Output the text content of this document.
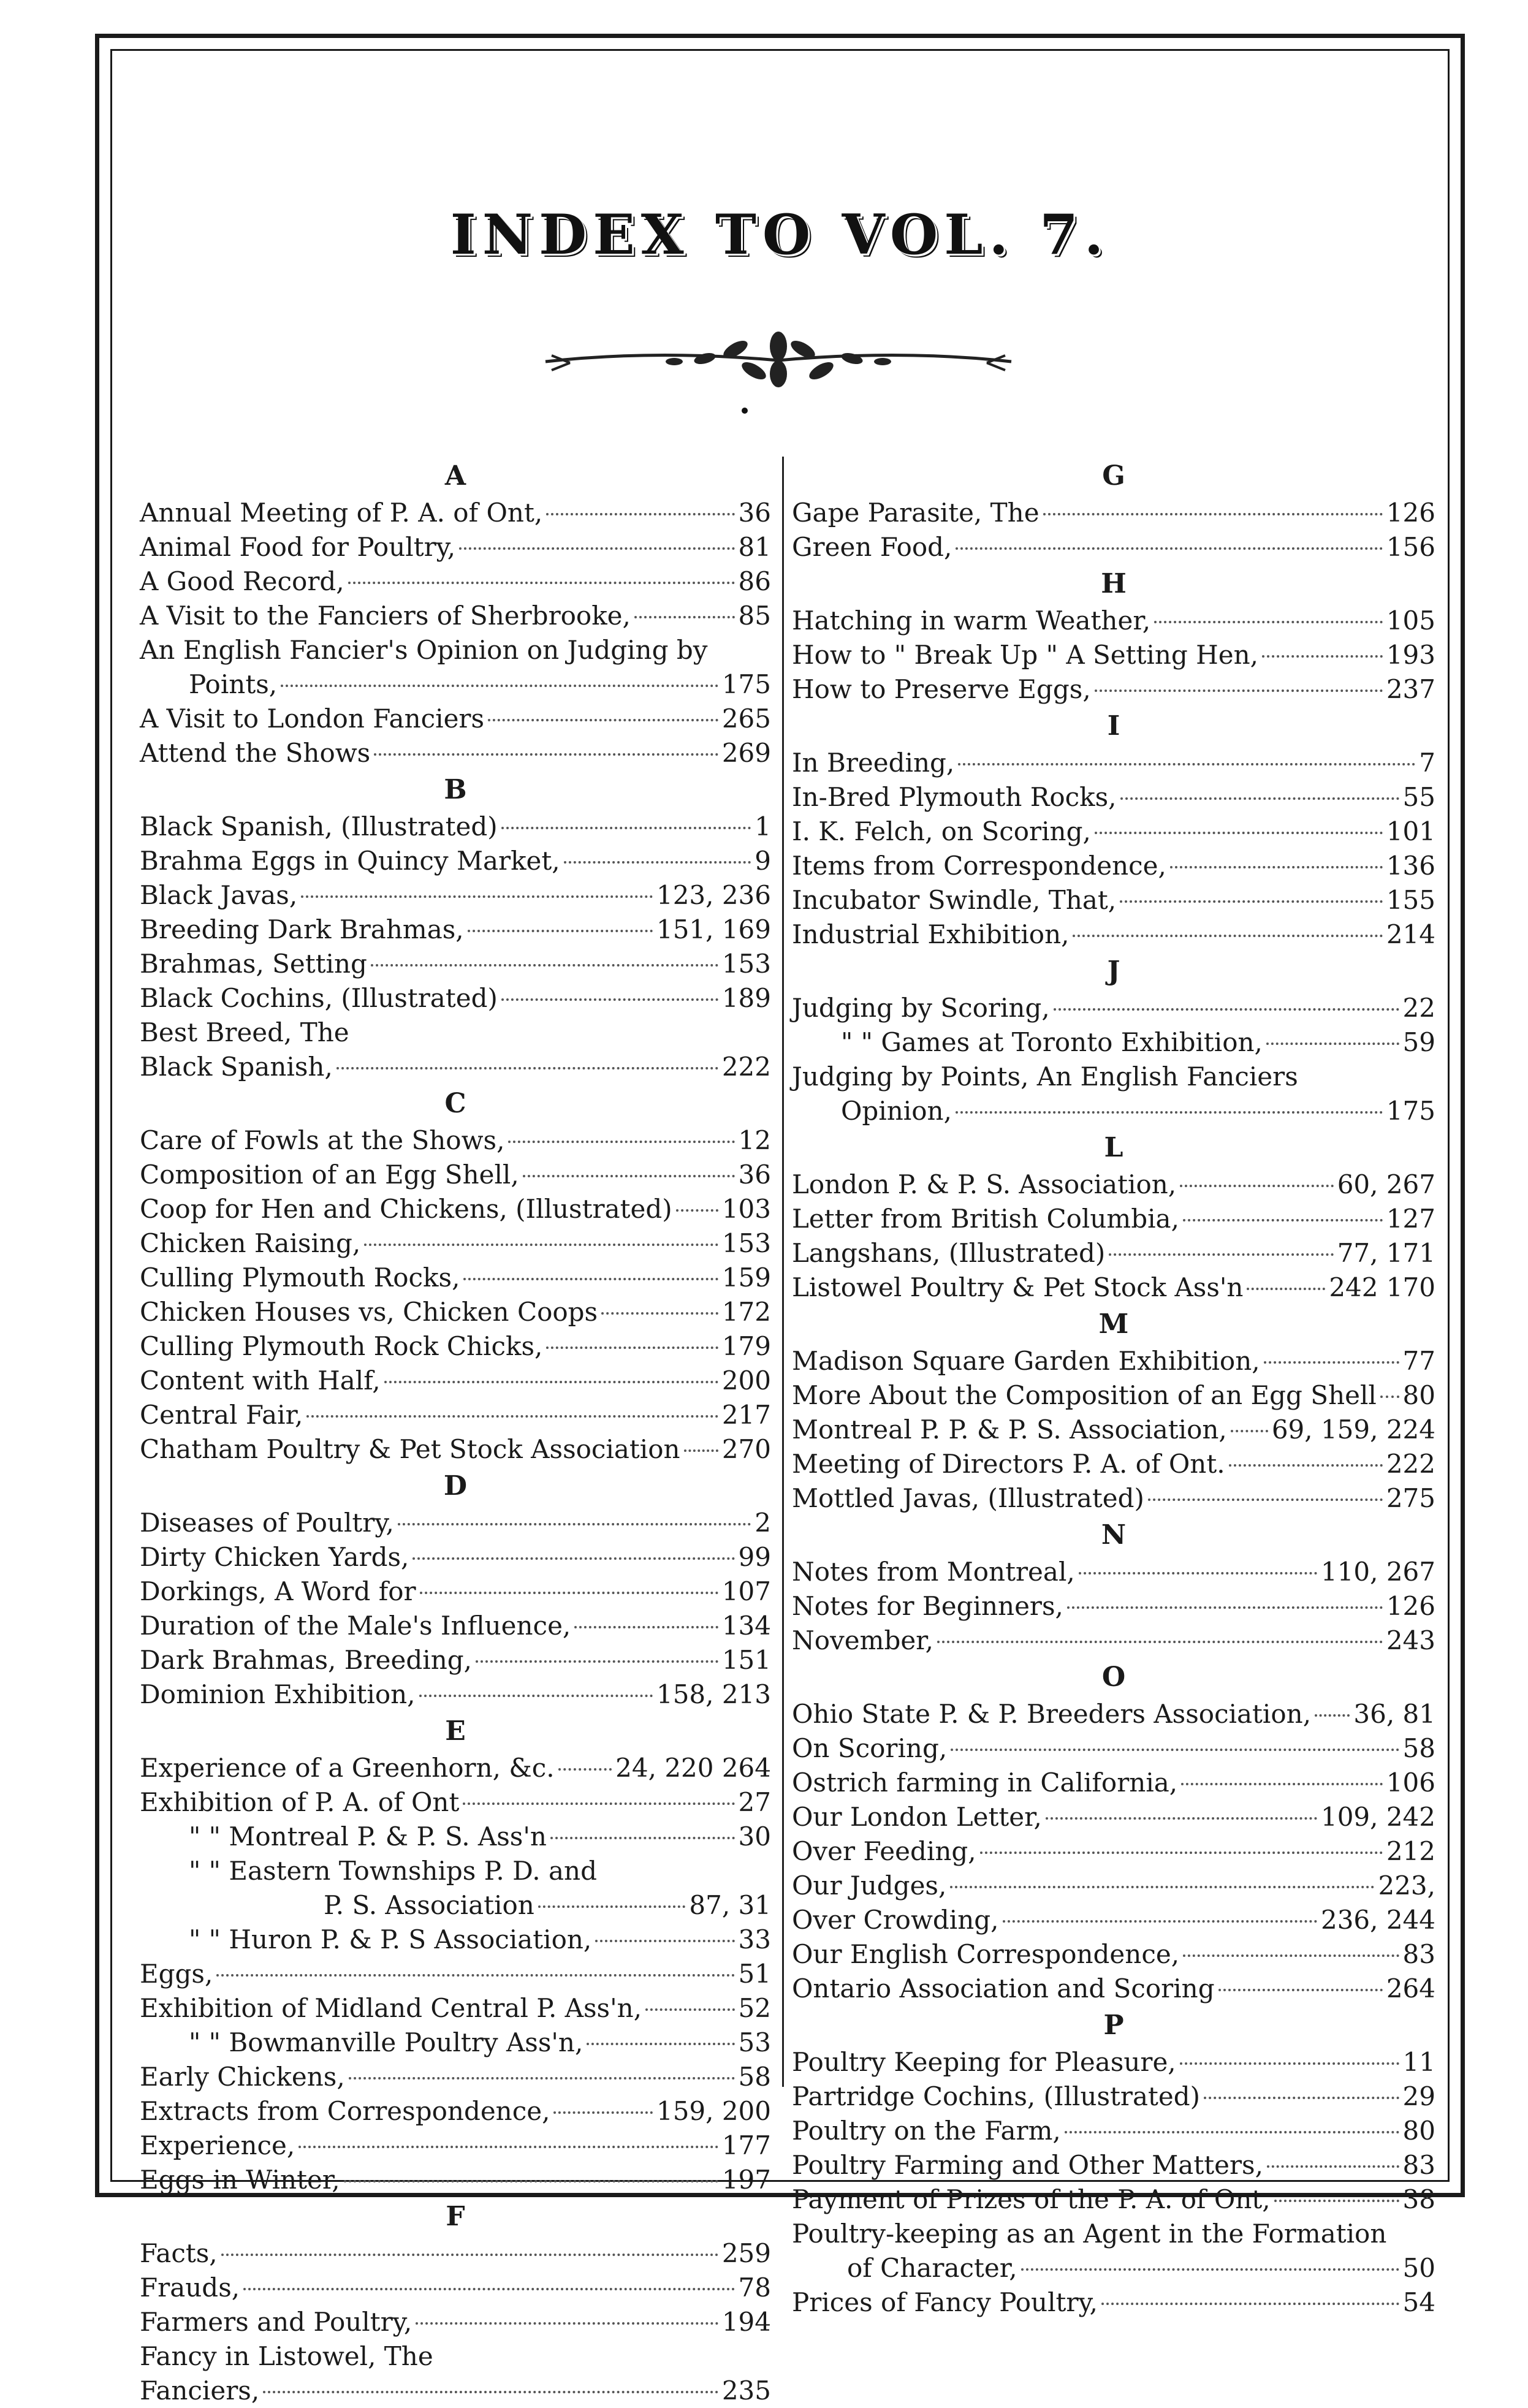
INDEX TO VOL. 7.
A
Annual Meeting of P. A. of Ont,	36
Animal Food for Poultry,	81
A Good Record,	86
A Visit to the Fanciers of Sherbrooke,	85
An English Fancier's Opinion on Judging by
Points,	175
A Visit to London Fanciers	265
Attend the Shows	269
B
Black Spanish, (Illustrated)	1
Brahma Eggs in Quincy Market,	9
Black Javas,	123, 236
Breeding Dark Brahmas,	151, 169
Brahmas, Setting	153
Black Cochins, (Illustrated)	189
Best Breed, The
Black Spanish,	222
C
Care of Fowls at the Shows,	12
Composition of an Egg Shell,	36
Coop for Hen and Chickens, (Illustrated) 103
Chicken Raising,	153
Culling Plymouth Rocks,	159
Chicken Houses vs, Chicken Coops	172
Culling Plymouth Rock Chicks,	179
Content with Half,	200
Central Fair,	217
Chatham Poultry & Pet Stock Association 270
D
Diseases of Poultry,	2
Dirty Chicken Yards,	99
Dorkings, A Word for	107
Duration of the Male's Influence,	134
Dark Brahmas, Breeding,	151
Dominion Exhibition,	158, 213
E
Experience of a Greenhorn, &c. 24, 220 264
Exhibition of P. A. of Ont	27
" " Montreal P. & P. S. Ass'n	30
" " Eastern Townships P. D. and
P. S. Association	87, 31
" " Huron P. & P. S Association,	33
Eggs,	51
Exhibition of Midland Central P. Ass'n,	52
" " Bowmanville Poultry Ass'n,	53
Early Chickens,	58
Extracts from Correspondence,	159, 200
Experience,	177
Eggs in Winter,	197
F
Facts,	259
Frauds,	78
Farmers and Poultry,	194
Fancy in Listowel, The
Fanciers,	235
G
Gape Parasite, The	126
Green Food,	156
H
Hatching in warm Weather,	105
How to " Break Up " A Setting Hen,	193
How to Preserve Eggs,	237
I
In Breeding,	7
In-Bred Plymouth Rocks,	55
I. K. Felch, on Scoring,	101
Items from Correspondence,	136
Incubator Swindle, That,	155
Industrial Exhibition,	214
J
Judging by Scoring,	22
" " Games at Toronto Exhibition,	59
Judging by Points, An English Fanciers
Opinion,	175
L
London P. & P. S. Association,	60, 267
Letter from British Columbia,	127
Langshans, (Illustrated)	77, 171
Listowel Poultry & Pet Stock Ass'n	242 170
M
Madison Square Garden Exhibition,	77
More About the Composition of an Egg Shell 80
Montreal P. P. & P. S. Association, 69, 159, 224
Meeting of Directors P. A. of Ont.	222
Mottled Javas, (Illustrated)	275
N
Notes from Montreal,	110, 267
Notes for Beginners,	126
November,	243
O
Ohio State P. & P. Breeders Association, 36, 81
On Scoring,	58
Ostrich farming in California,	106
Our London Letter,	109, 242
Over Feeding,	212
Our Judges,	223,
Over Crowding,	236, 244
Our English Correspondence,	83
Ontario Association and Scoring	264
P
Poultry Keeping for Pleasure,	11
Partridge Cochins, (Illustrated)	29
Poultry on the Farm,	80
Poultry Farming and Other Matters,	83
Payment of Prizes of the P. A. of Ont,	38
Poultry-keeping as an Agent in the Formation
of Character,	50
Prices of Fancy Poultry,	54
